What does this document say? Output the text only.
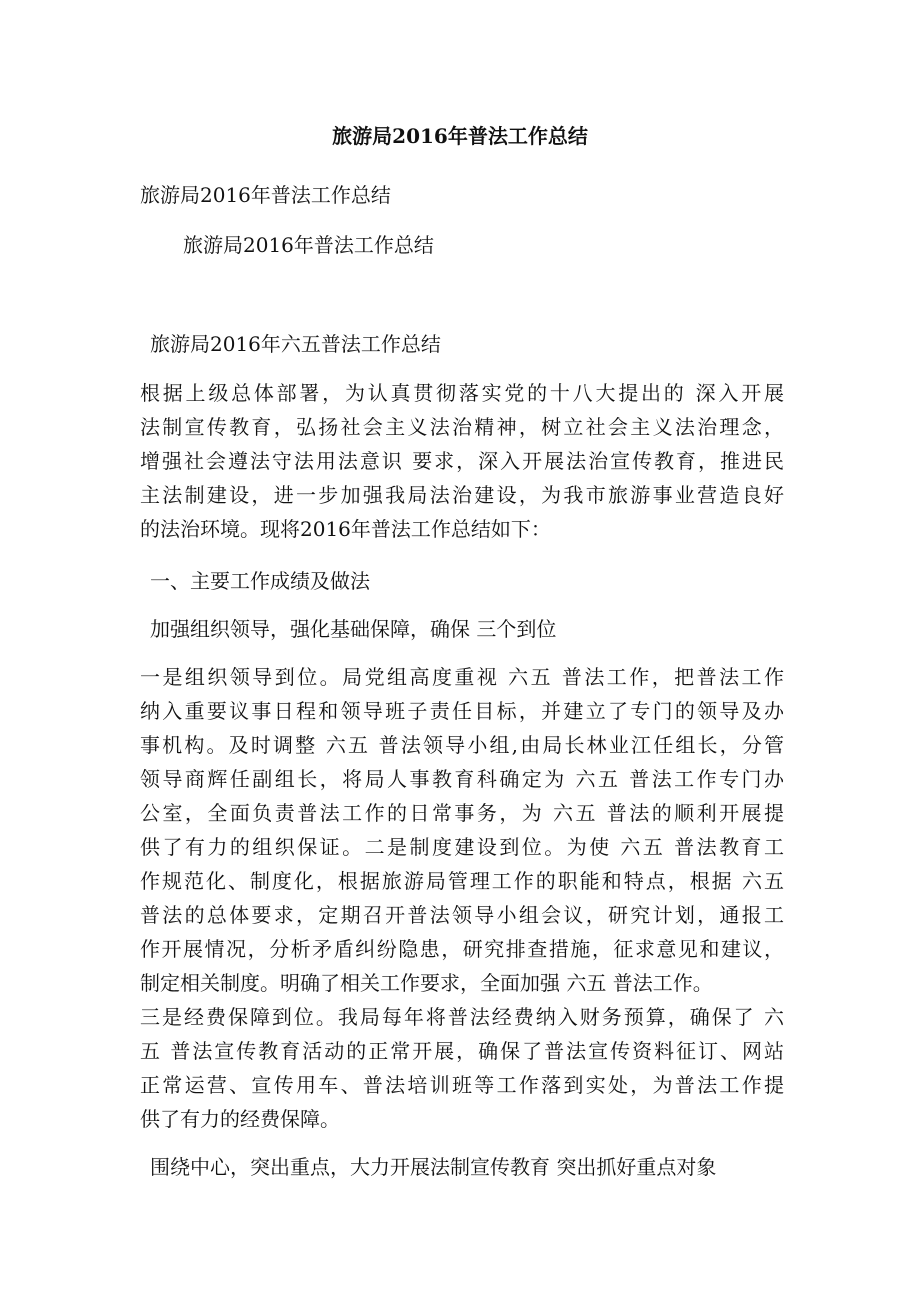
旅游局2016年普法工作总结
旅游局2016年普法工作总结
旅游局2016年普法工作总结
旅游局2016年六五普法工作总结
根据上级总体部署，为认真贯彻落实党的十八大提出的 深入开展
法制宣传教育，弘扬社会主义法治精神，树立社会主义法治理念，
增强社会遵法守法用法意识 要求，深入开展法治宣传教育，推进民
主法制建设，进一步加强我局法治建设，为我市旅游事业营造良好
的法治环境。现将2016年普法工作总结如下：
一、主要工作成绩及做法
加强组织领导，强化基础保障，确保 三个到位
一是组织领导到位。局党组高度重视 六五 普法工作，把普法工作
纳入重要议事日程和领导班子责任目标，并建立了专门的领导及办
事机构。及时调整 六五 普法领导小组,由局长林业江任组长，分管
领导商辉任副组长，将局人事教育科确定为 六五 普法工作专门办
公室，全面负责普法工作的日常事务，为 六五 普法的顺利开展提
供了有力的组织保证。二是制度建设到位。为使 六五 普法教育工
作规范化、制度化，根据旅游局管理工作的职能和特点，根据 六五
普法的总体要求，定期召开普法领导小组会议，研究计划，通报工
作开展情况，分析矛盾纠纷隐患，研究排查措施，征求意见和建议，
制定相关制度。明确了相关工作要求，全面加强 六五 普法工作。
三是经费保障到位。我局每年将普法经费纳入财务预算，确保了 六
五 普法宣传教育活动的正常开展，确保了普法宣传资料征订、网站
正常运营、宣传用车、普法培训班等工作落到实处，为普法工作提
供了有力的经费保障。
围绕中心，突出重点，大力开展法制宣传教育 突出抓好重点对象
